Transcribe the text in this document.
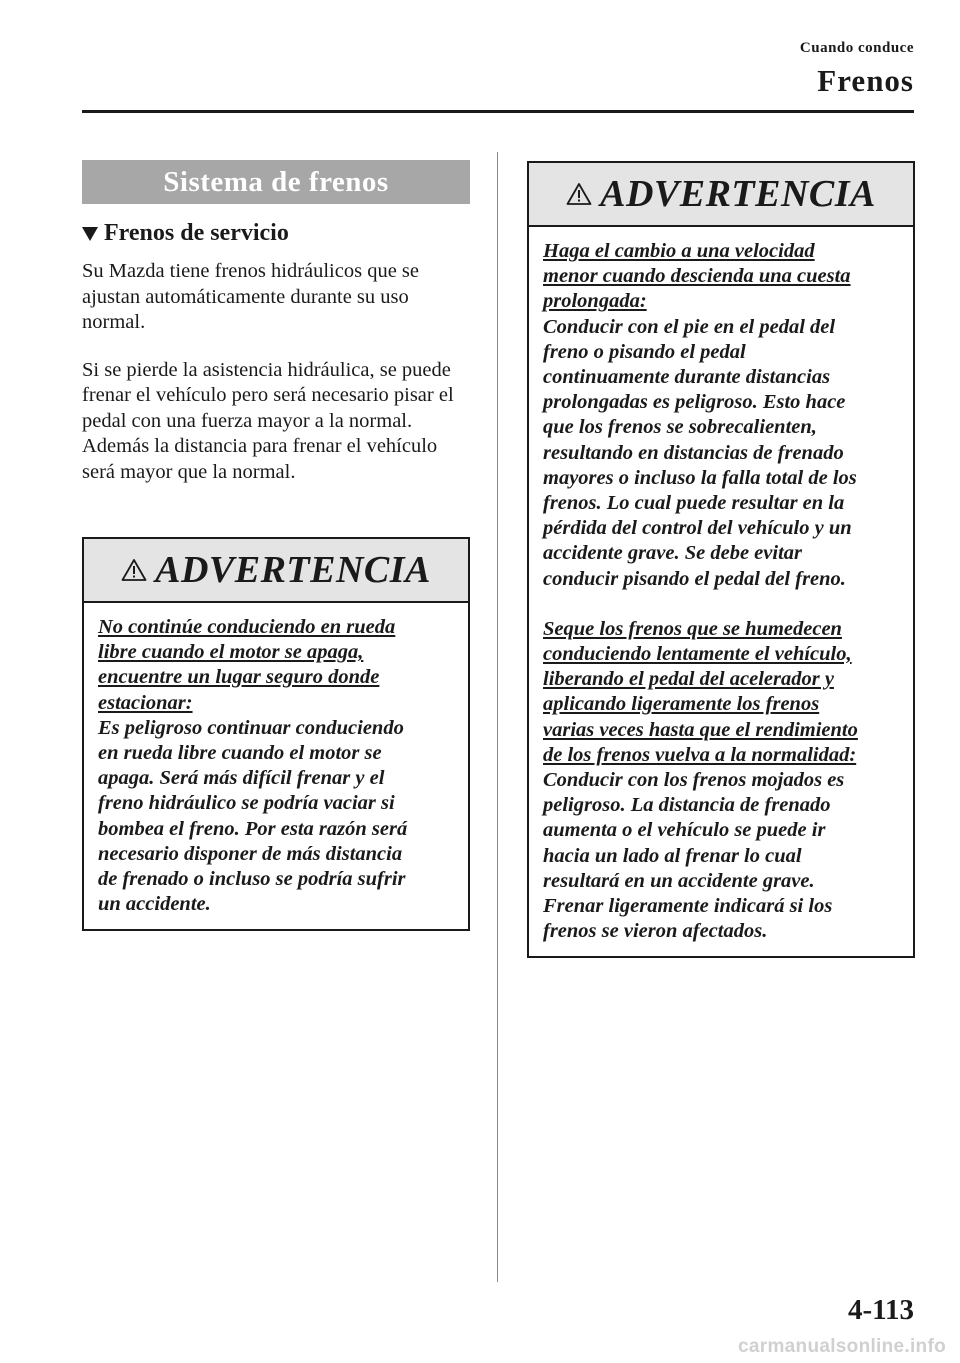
Cuando conduce
Frenos
Sistema de frenos
Frenos de servicio
Su Mazda tiene frenos hidráulicos que se ajustan automáticamente durante su uso normal.
Si se pierde la asistencia hidráulica, se puede frenar el vehículo pero será necesario pisar el pedal con una fuerza mayor a la normal. Además la distancia para frenar el vehículo será mayor que la normal.
ADVERTENCIA
No continúe conduciendo en rueda
libre cuando el motor se apaga,
encuentre un lugar seguro donde
estacionar:
Es peligroso continuar conduciendo
en rueda libre cuando el motor se
apaga. Será más difícil frenar y el
freno hidráulico se podría vaciar si
bombea el freno. Por esta razón será
necesario disponer de más distancia
de frenado o incluso se podría sufrir
un accidente.
ADVERTENCIA
Haga el cambio a una velocidad
menor cuando descienda una cuesta
prolongada:
Conducir con el pie en el pedal del
freno o pisando el pedal
continuamente durante distancias
prolongadas es peligroso. Esto hace
que los frenos se sobrecalienten,
resultando en distancias de frenado
mayores o incluso la falla total de los
frenos. Lo cual puede resultar en la
pérdida del control del vehículo y un
accidente grave. Se debe evitar
conducir pisando el pedal del freno.
Seque los frenos que se humedecen
conduciendo lentamente el vehículo,
liberando el pedal del acelerador y
aplicando ligeramente los frenos
varias veces hasta que el rendimiento
de los frenos vuelva a la normalidad:
Conducir con los frenos mojados es
peligroso. La distancia de frenado
aumenta o el vehículo se puede ir
hacia un lado al frenar lo cual
resultará en un accidente grave.
Frenar ligeramente indicará si los
frenos se vieron afectados.
4-113
carmanualsonline.info
